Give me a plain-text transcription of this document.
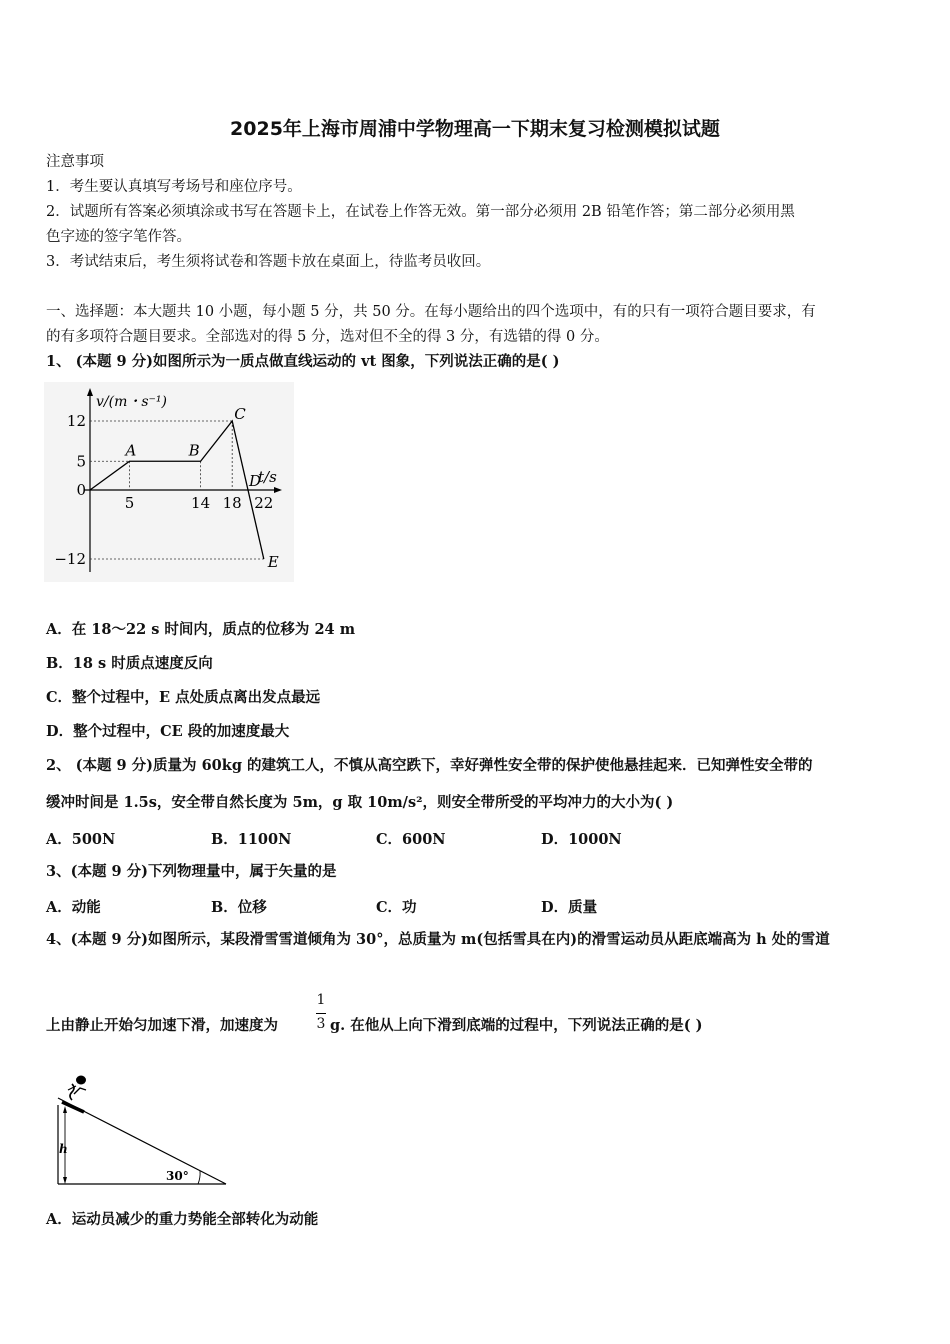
2025年上海市周浦中学物理高一下期末复习检测模拟试题
注意事项
1．考生要认真填写考场号和座位序号。
2．试题所有答案必须填涂或书写在答题卡上，在试卷上作答无效。第一部分必须用 2B 铅笔作答；第二部分必须用黑
色字迹的签字笔作答。
3．考试结束后，考生须将试卷和答题卡放在桌面上，待监考员收回。
一、选择题：本大题共 10 小题，每小题 5 分，共 50 分。在每小题给出的四个选项中，有的只有一项符合题目要求，有
的有多项符合题目要求。全部选对的得 5 分，选对但不全的得 3 分，有选错的得 0 分。
1、 (本题 9 分)如图所示为一质点做直线运动的 vt 图象，下列说法正确的是( )
12
5
0
−12
5	14 18 22
A	B
C
D
E
v/(m・s⁻¹)
t/s
A．在 18～22 s 时间内，质点的位移为 24 m
B．18 s 时质点速度反向
C．整个过程中，E 点处质点离出发点最远
D．整个过程中，CE 段的加速度最大
2、 (本题 9 分)质量为 60kg 的建筑工人，不慎从高空跌下，幸好弹性安全带的保护使他悬挂起来．已知弹性安全带的
缓冲时间是 1.5s，安全带自然长度为 5m，g 取 10m/s²，则安全带所受的平均冲力的大小为( )
A．500N	B．1100N	C．600N	D．1000N
3、(本题 9 分)下列物理量中，属于矢量的是
A．动能	B．位移	C．功	D．质量
4、(本题 9 分)如图所示，某段滑雪雪道倾角为 30°，总质量为 m(包括雪具在内)的滑雪运动员从距底端高为 h 处的雪道
上由静止开始匀加速下滑，加速度为
1
3 g. 在他从上向下滑到底端的过程中，下列说法正确的是( )
h
30°
A．运动员减少的重力势能全部转化为动能
